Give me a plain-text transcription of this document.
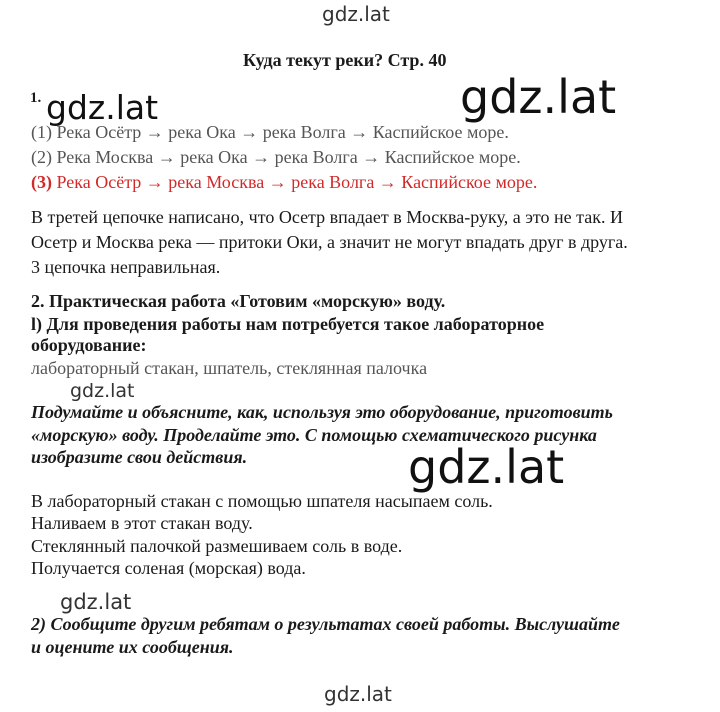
gdz.lat
Куда текут реки? Стр. 40
1.
(1) Река Осётр → река Ока → река Волга → Каспийское море.
(2) Река Москва → река Ока → река Волга → Каспийское море.
(3) Река Осётр → река Москва → река Волга → Каспийское море.
В третей цепочке написано, что Осетр впадает в Москва-руку, а это не так. И
Осетр и Москва река — притоки Оки, а значит не могут впадать друг в друга.
3 цепочка неправильная.
2. Практическая работа «Готовим «морскую» воду.
l) Для проведения работы нам потребуется такое лабораторное
оборудование:
лабораторный стакан, шпатель, стеклянная палочка
Подумайте и объясните, как, используя это оборудование, приготовить
«морскую» воду. Проделайте это. С помощью схематического рисунка
изобразите свои действия.
В лабораторный стакан с помощью шпателя насыпаем соль.
Наливаем в этот стакан воду.
Стеклянный палочкой размешиваем соль в воде.
Получается соленая (морская) вода.
2) Сообщите другим ребятам о результатах своей работы. Выслушайте
и оцените их сообщения.
gdz.lat	gdz.lat
gdz.lat
gdz.lat
gdz.lat
gdz.lat
